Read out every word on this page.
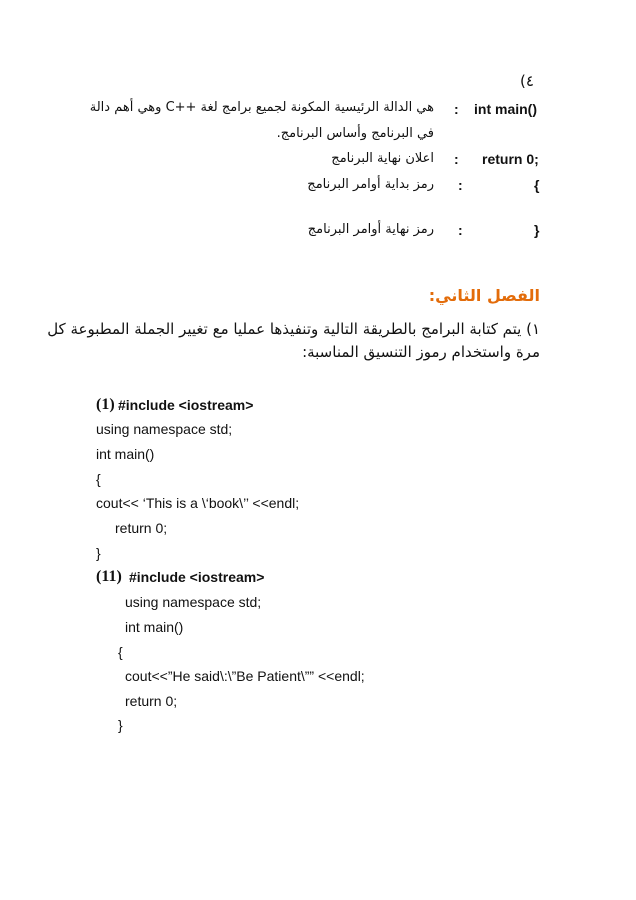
٤)
int main()
:
هي الدالة الرئيسية المكونة لجميع برامج لغة ++C وهي أهم دالة
في البرنامج وأساس البرنامج.
return 0;
:
اعلان نهاية البرنامج
{
:
رمز بداية أوامر البرنامج
}
:
رمز نهاية أوامر البرنامج
الفصل الثاني:
١) يتم كتابة البرامج بالطريقة التالية وتنفيذها عمليا مع تغيير الجملة المطبوعة كل
مرة واستخدام رموز التنسيق المناسبة:
(1) #include <iostream>
using namespace std;
int main()
{
cout<< ‘This is a \‘book\’’ <<endl;
return 0;
}
(11) #include <iostream>
using namespace std;
int main()
{
cout<<”He said\:\”Be Patient\”” <<endl;
return 0;
}
